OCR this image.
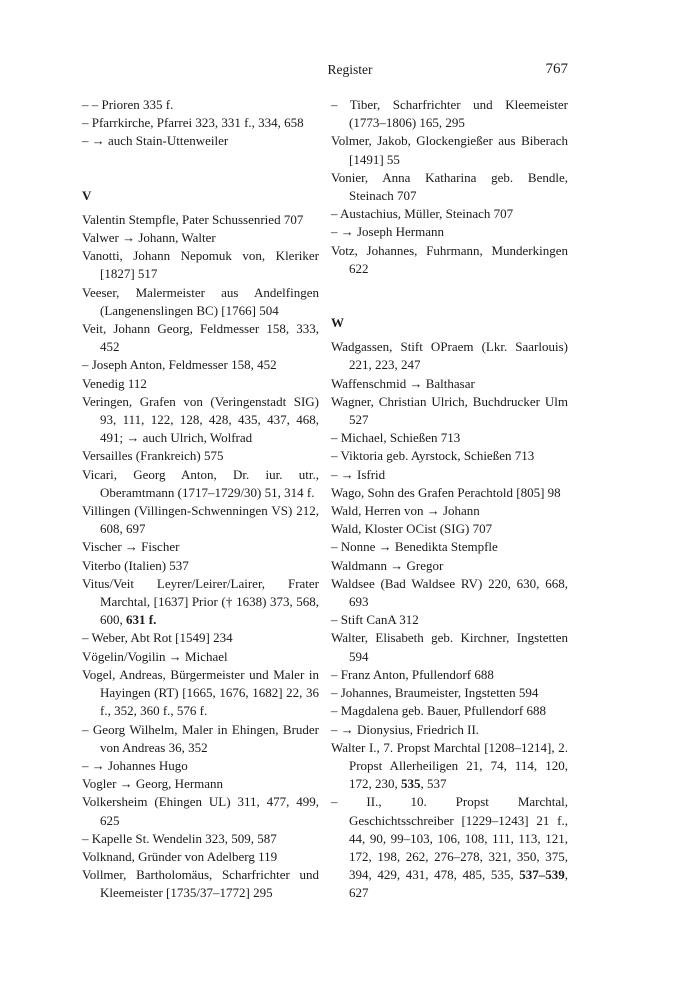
Register	767
– – Prioren 335 f.
– Pfarrkirche, Pfarrei 323, 331 f., 334, 658
– → auch Stain-Uttenweiler
V
Valentin Stempfle, Pater Schussenried 707
Valwer → Johann, Walter
Vanotti, Johann Nepomuk von, Kleriker [1827] 517
Veeser, Malermeister aus Andelfingen (Langenenslingen BC) [1766] 504
Veit, Johann Georg, Feldmesser 158, 333, 452
– Joseph Anton, Feldmesser 158, 452
Venedig 112
Veringen, Grafen von (Veringenstadt SIG) 93, 111, 122, 128, 428, 435, 437, 468, 491; → auch Ulrich, Wolfrad
Versailles (Frankreich) 575
Vicari, Georg Anton, Dr. iur. utr., Oberamtmann (1717–1729/30) 51, 314 f.
Villingen (Villingen-Schwenningen VS) 212, 608, 697
Vischer → Fischer
Viterbo (Italien) 537
Vitus/Veit Leyrer/Leirer/Lairer, Frater Marchtal, [1637] Prior († 1638) 373, 568, 600, 631 f.
– Weber, Abt Rot [1549] 234
Vögelin/Vogilin → Michael
Vogel, Andreas, Bürgermeister und Maler in Hayingen (RT) [1665, 1676, 1682] 22, 36 f., 352, 360 f., 576 f.
– Georg Wilhelm, Maler in Ehingen, Bruder von Andreas 36, 352
– → Johannes Hugo
Vogler → Georg, Hermann
Volkersheim (Ehingen UL) 311, 477, 499, 625
– Kapelle St. Wendelin 323, 509, 587
Volknand, Gründer von Adelberg 119
Vollmer, Bartholomäus, Scharfrichter und Kleemeister [1735/37–1772] 295
– Tiber, Scharfrichter und Kleemeister (1773–1806) 165, 295
Volmer, Jakob, Glockengießer aus Biberach [1491] 55
Vonier, Anna Katharina geb. Bendle, Steinach 707
– Austachius, Müller, Steinach 707
– → Joseph Hermann
Votz, Johannes, Fuhrmann, Munderkingen 622
W
Wadgassen, Stift OPraem (Lkr. Saarlouis) 221, 223, 247
Waffenschmid → Balthasar
Wagner, Christian Ulrich, Buchdrucker Ulm 527
– Michael, Schießen 713
– Viktoria geb. Ayrstock, Schießen 713
– → Isfrid
Wago, Sohn des Grafen Perachtold [805] 98
Wald, Herren von → Johann
Wald, Kloster OCist (SIG) 707
– Nonne → Benedikta Stempfle
Waldmann → Gregor
Waldsee (Bad Waldsee RV) 220, 630, 668, 693
– Stift CanA 312
Walter, Elisabeth geb. Kirchner, Ingstetten 594
– Franz Anton, Pfullendorf 688
– Johannes, Braumeister, Ingstetten 594
– Magdalena geb. Bauer, Pfullendorf 688
– → Dionysius, Friedrich II.
Walter I., 7. Propst Marchtal [1208–1214], 2. Propst Allerheiligen 21, 74, 114, 120, 172, 230, 535, 537
– II., 10. Propst Marchtal, Geschichtsschreiber [1229–1243] 21 f., 44, 90, 99–103, 106, 108, 111, 113, 121, 172, 198, 262, 276–278, 321, 350, 375, 394, 429, 431, 478, 485, 535, 537–539, 627
